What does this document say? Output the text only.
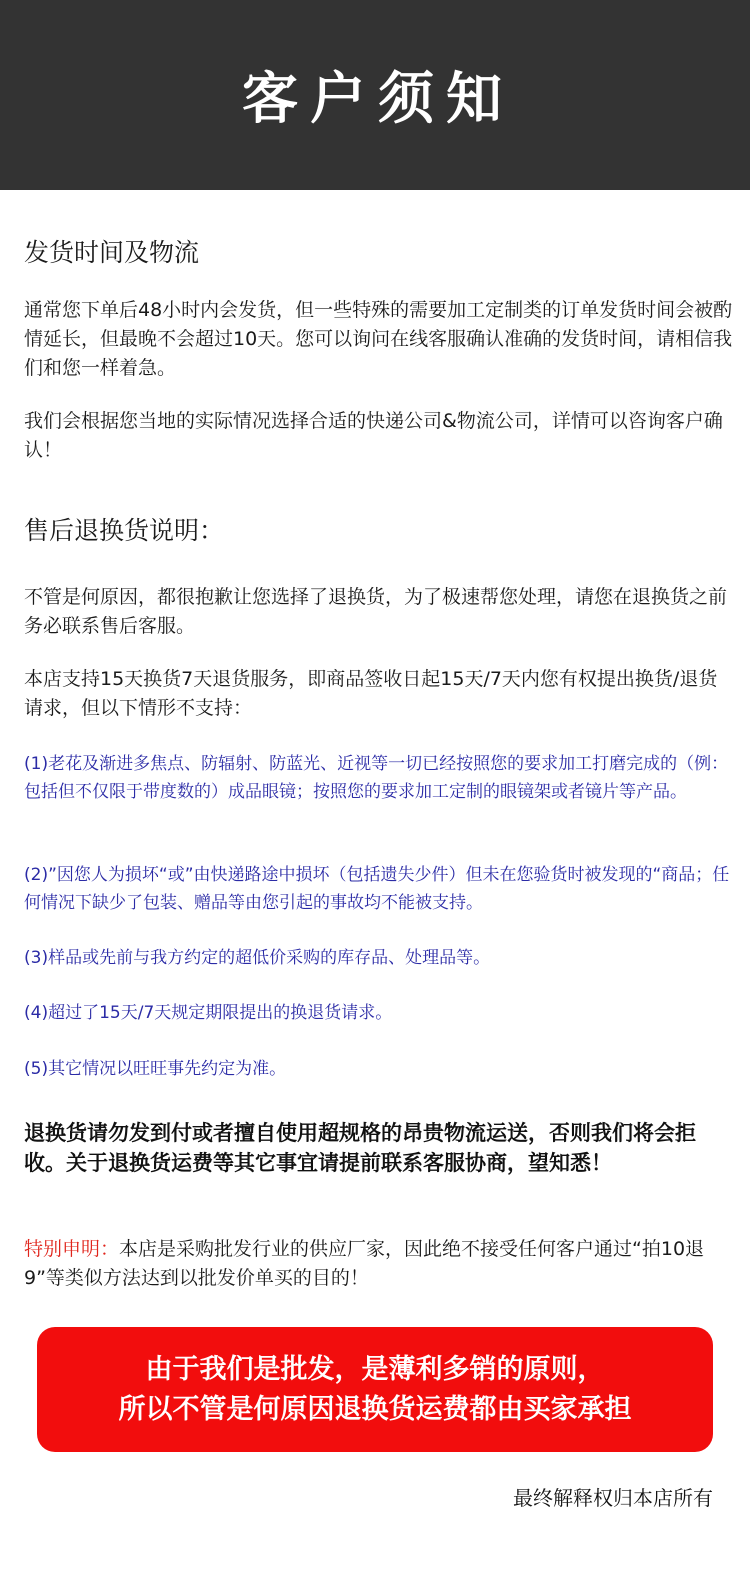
客户须知
发货时间及物流
通常您下单后48小时内会发货，但一些特殊的需要加工定制类的订单发货时间会被酌情延长，但最晚不会超过10天。您可以询问在线客服确认准确的发货时间，请相信我们和您一样着急。
我们会根据您当地的实际情况选择合适的快递公司&物流公司，详情可以咨询客户确认！
售后退换货说明：
不管是何原因，都很抱歉让您选择了退换货，为了极速帮您处理，请您在退换货之前务必联系售后客服。
本店支持15天换货7天退货服务，即商品签收日起15天/7天内您有权提出换货/退货请求，但以下情形不支持：
(1)老花及渐进多焦点、防辐射、防蓝光、近视等一切已经按照您的要求加工打磨完成的（例：包括但不仅限于带度数的）成品眼镜；按照您的要求加工定制的眼镜架或者镜片等产品。
(2)”因您人为损坏“或”由快递路途中损坏（包括遗失少件）但未在您验货时被发现的“商品；任何情况下缺少了包装、赠品等由您引起的事故均不能被支持。
(3)样品或先前与我方约定的超低价采购的库存品、处理品等。
(4)超过了15天/7天规定期限提出的换退货请求。
(5)其它情况以旺旺事先约定为准。
退换货请勿发到付或者擅自使用超规格的昂贵物流运送，否则我们将会拒收。关于退换货运费等其它事宜请提前联系客服协商，望知悉！
特别申明：本店是采购批发行业的供应厂家，因此绝不接受任何客户通过“拍10退9”等类似方法达到以批发价单买的目的！
由于我们是批发，是薄利多销的原则，
所以不管是何原因退换货运费都由买家承担
最终解释权归本店所有
